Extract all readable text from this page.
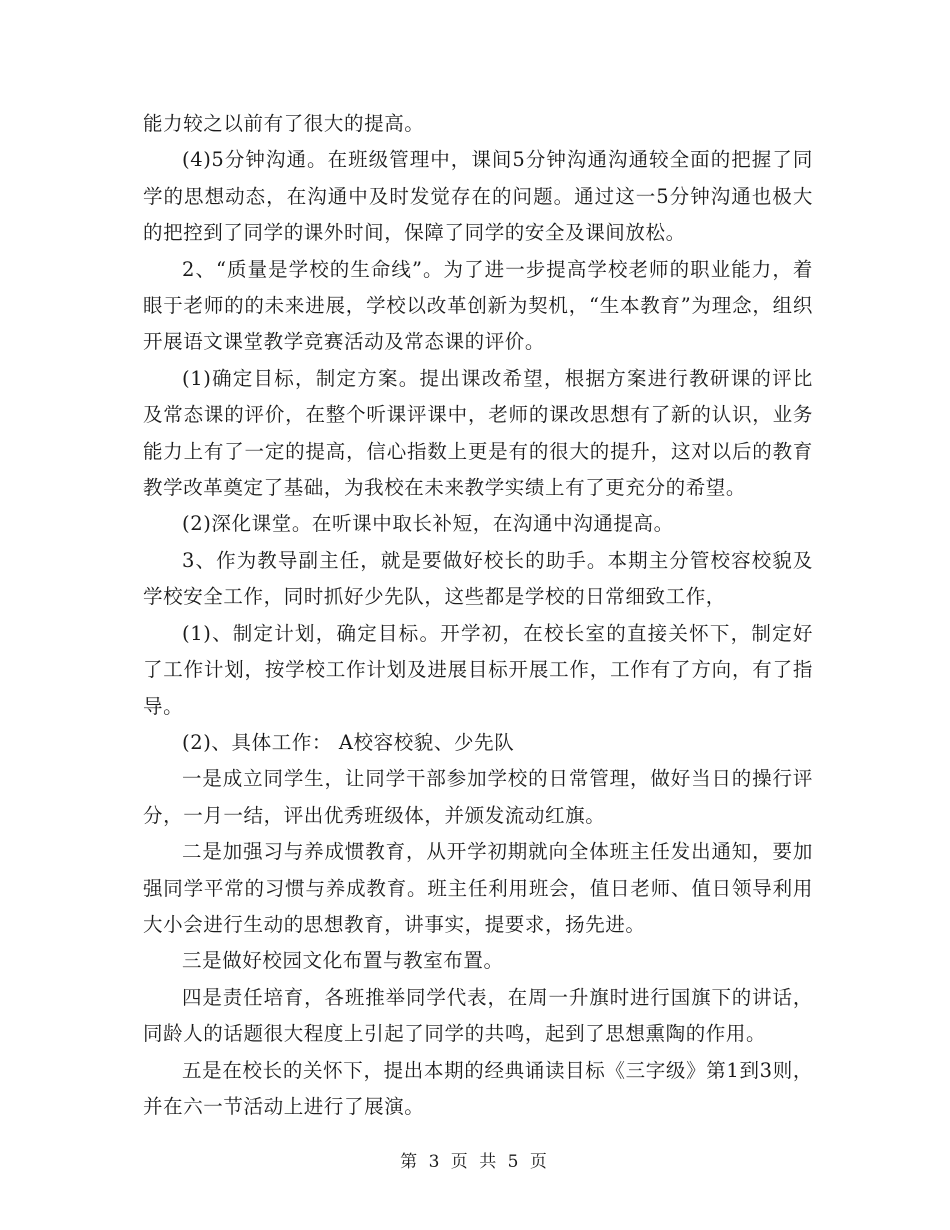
能力较之以前有了很大的提高。

(4)5分钟沟通。在班级管理中，课间5分钟沟通沟通较全面的把握了同学的思想动态，在沟通中及时发觉存在的问题。通过这一5分钟沟通也极大的把控到了同学的课外时间，保障了同学的安全及课间放松。

2、“质量是学校的生命线”。为了进一步提高学校老师的职业能力，着眼于老师的的未来进展，学校以改革创新为契机，“生本教育”为理念，组织开展语文课堂教学竞赛活动及常态课的评价。

(1)确定目标，制定方案。提出课改希望，根据方案进行教研课的评比及常态课的评价，在整个听课评课中，老师的课改思想有了新的认识，业务能力上有了一定的提高，信心指数上更是有的很大的提升，这对以后的教育教学改革奠定了基础，为我校在未来教学实绩上有了更充分的希望。

(2)深化课堂。在听课中取长补短，在沟通中沟通提高。

3、作为教导副主任，就是要做好校长的助手。本期主分管校容校貌及学校安全工作，同时抓好少先队，这些都是学校的日常细致工作，

(1)、制定计划，确定目标。开学初，在校长室的直接关怀下，制定好了工作计划，按学校工作计划及进展目标开展工作，工作有了方向，有了指导。

(2)、具体工作： A校容校貌、少先队

一是成立同学生，让同学干部参加学校的日常管理，做好当日的操行评分，一月一结，评出优秀班级体，并颁发流动红旗。

二是加强习与养成惯教育，从开学初期就向全体班主任发出通知，要加强同学平常的习惯与养成教育。班主任利用班会，值日老师、值日领导利用大小会进行生动的思想教育，讲事实，提要求，扬先进。

三是做好校园文化布置与教室布置。

四是责任培育，各班推举同学代表，在周一升旗时进行国旗下的讲话，同龄人的话题很大程度上引起了同学的共鸣，起到了思想熏陶的作用。

五是在校长的关怀下，提出本期的经典诵读目标《三字级》第1到3则，并在六一节活动上进行了展演。

第 3 页 共 5 页
